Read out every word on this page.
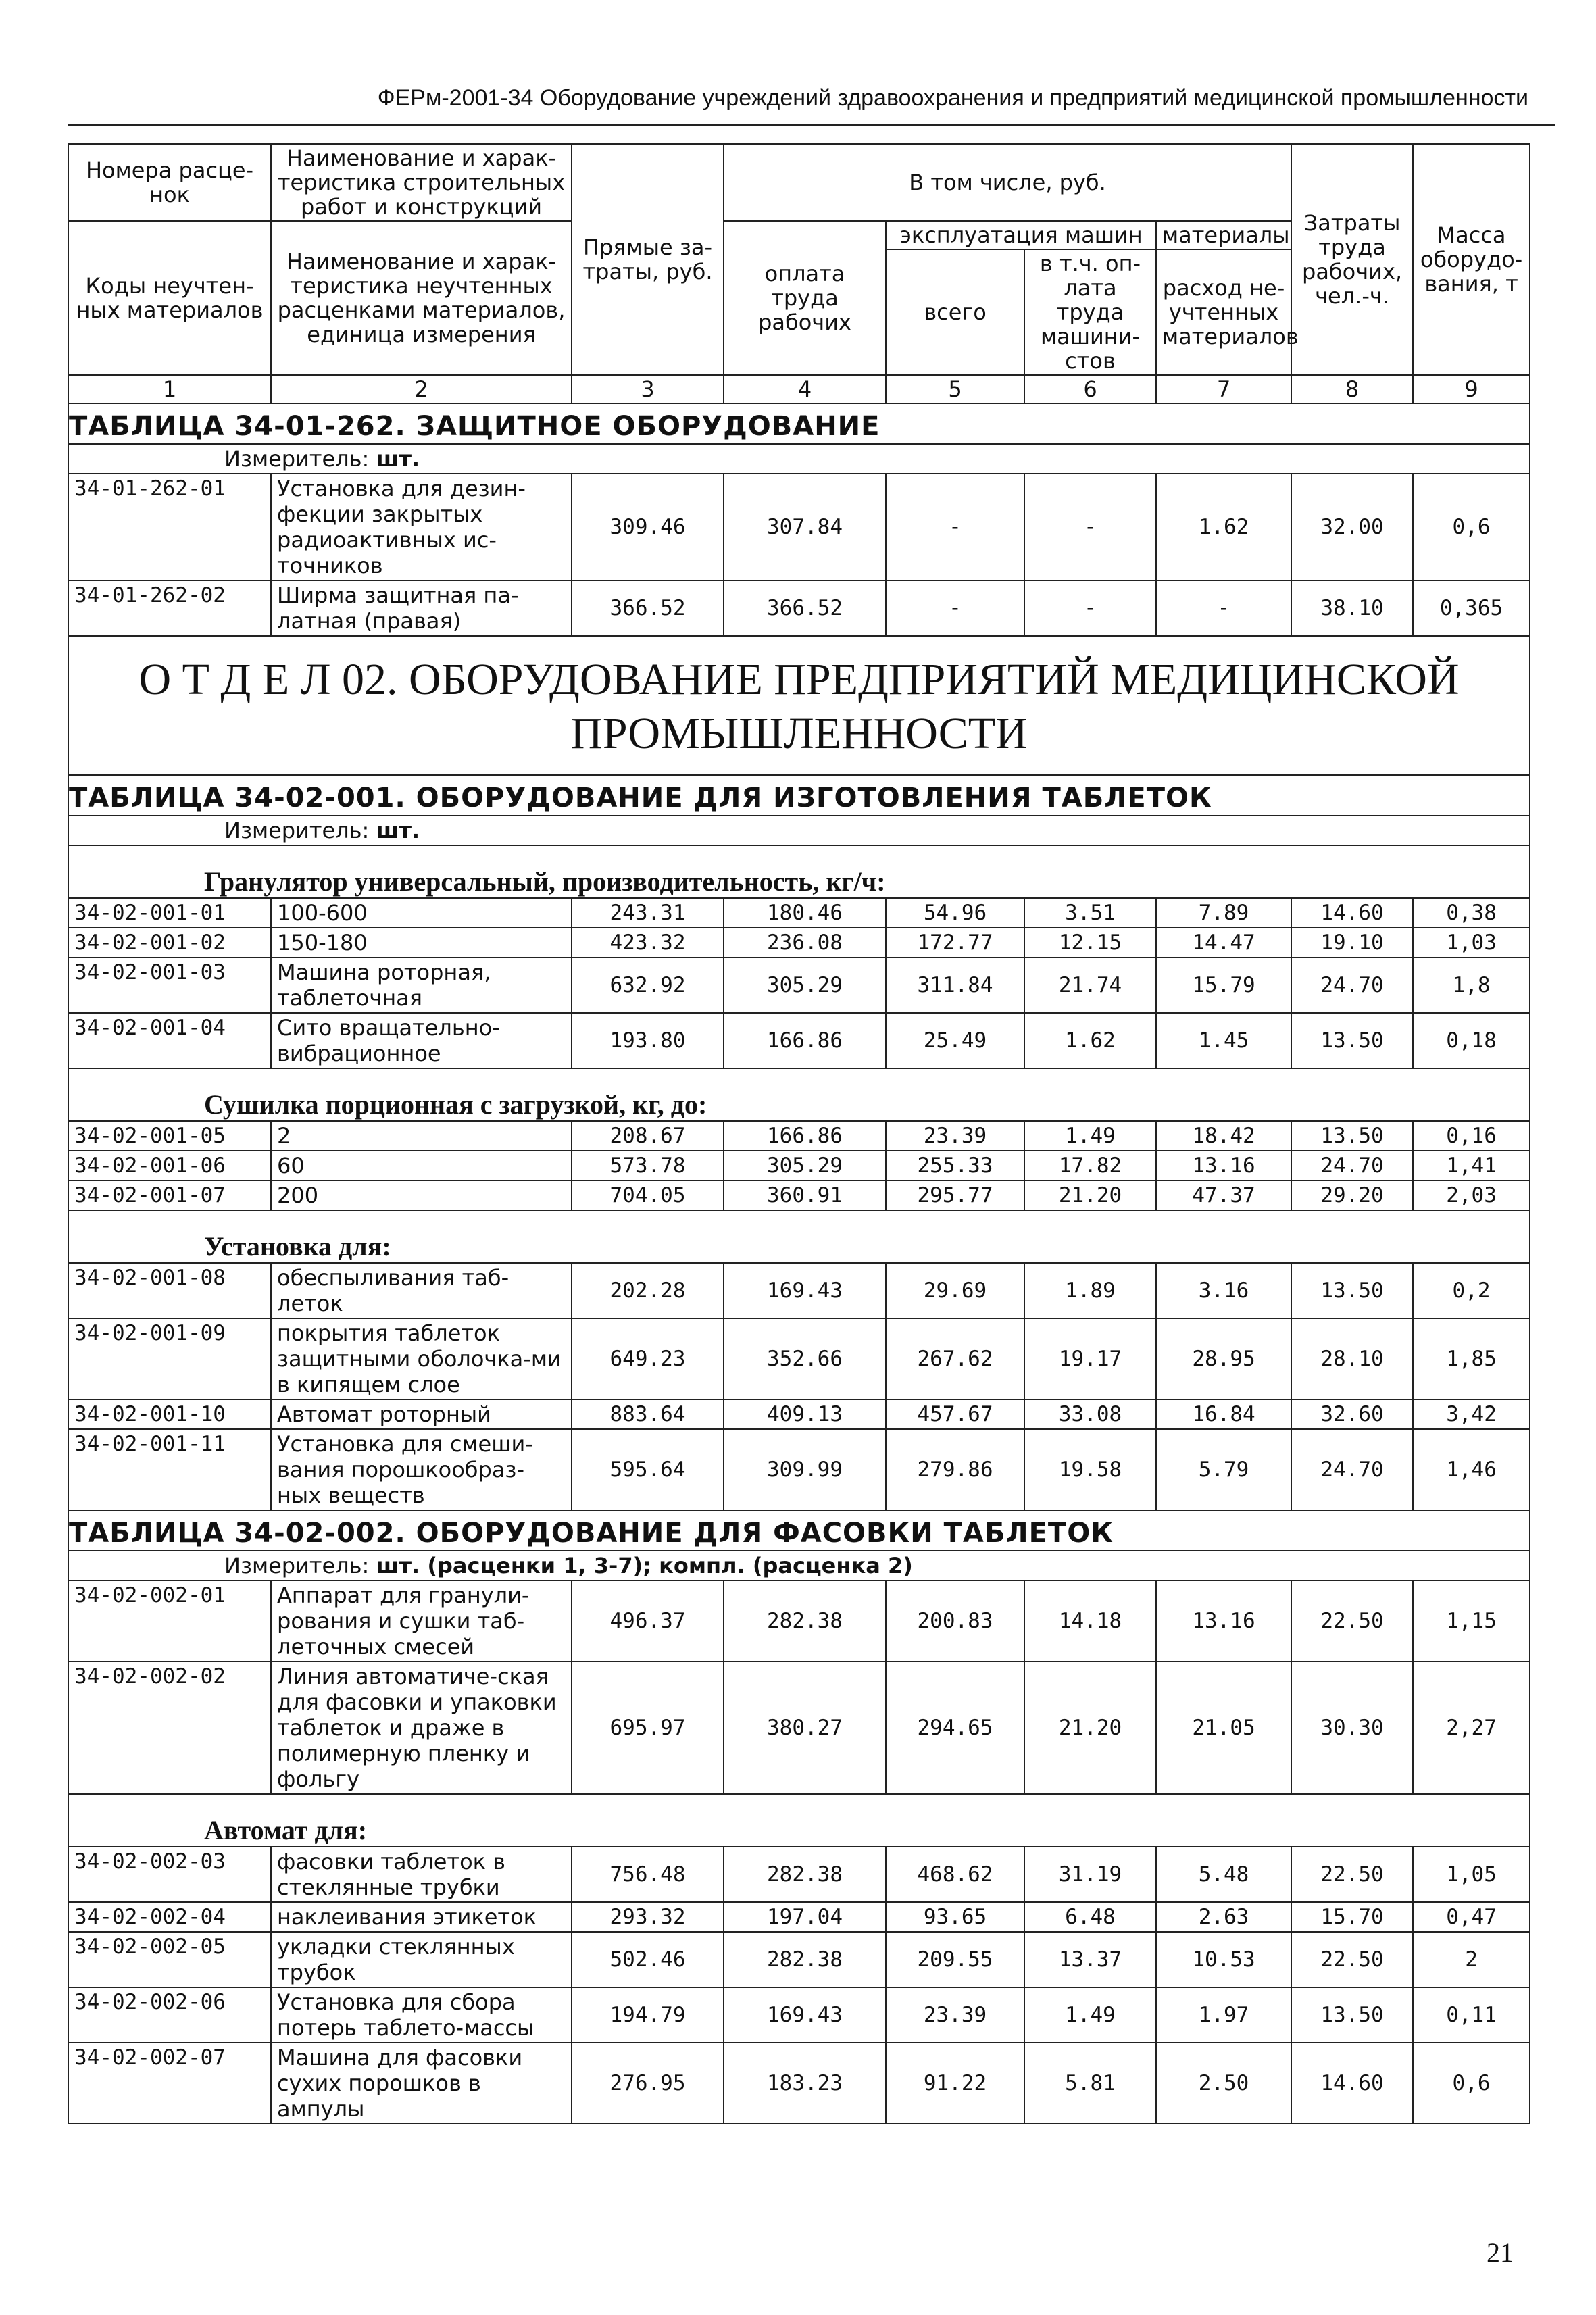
ФЕРм-2001-34 Оборудование учреждений здравоохранения и предприятий медицинской промышленности
Номера расце-нок	Наименование и харак-теристика строительных работ и конструкций	Прямые за-траты, руб.	В том числе, руб.				Затраты труда рабочих, чел.-ч.	Масса оборудо-вания, т
Коды неучтен-ных материалов	Наименование и харак-теристика неучтенных расценками материалов, единица измерения		оплата труда рабочих	эксплуатация машин		материалы		
				всего	в т.ч. оп-лата труда машини-стов	расход не-учтенных материалов		
1	2	3	4	5	6	7	8	9
ТАБЛИЦА 34-01-262. ЗАЩИТНОЕ ОБОРУДОВАНИЕ								
Измеритель: шт.								
34-01-262-01	Установка для дезин-фекции закрытых радиоактивных ис-точников	309.46	307.84	-	-	1.62	32.00	0,6
34-01-262-02	Ширма защитная па-латная (правая)	366.52	366.52	-	-	-	38.10	0,365
О Т Д Е Л 02. ОБОРУДОВАНИЕ ПРЕДПРИЯТИЙ МЕДИЦИНСКОЙ ПРОМЫШЛЕННОСТИ								
ТАБЛИЦА 34-02-001. ОБОРУДОВАНИЕ ДЛЯ ИЗГОТОВЛЕНИЯ ТАБЛЕТОК								
Измеритель: шт.								
Гранулятор универсальный, производительность, кг/ч:								
34-02-001-01	100-600	243.31	180.46	54.96	3.51	7.89	14.60	0,38
34-02-001-02	150-180	423.32	236.08	172.77	12.15	14.47	19.10	1,03
34-02-001-03	Машина роторная, таблеточная	632.92	305.29	311.84	21.74	15.79	24.70	1,8
34-02-001-04	Сито вращательно-вибрационное	193.80	166.86	25.49	1.62	1.45	13.50	0,18
Сушилка порционная с загрузкой, кг, до:								
34-02-001-05	2	208.67	166.86	23.39	1.49	18.42	13.50	0,16
34-02-001-06	60	573.78	305.29	255.33	17.82	13.16	24.70	1,41
34-02-001-07	200	704.05	360.91	295.77	21.20	47.37	29.20	2,03
Установка для:								
34-02-001-08	обеспыливания таб-леток	202.28	169.43	29.69	1.89	3.16	13.50	0,2
34-02-001-09	покрытия таблеток защитными оболочка-ми в кипящем слое	649.23	352.66	267.62	19.17	28.95	28.10	1,85
34-02-001-10	Автомат роторный	883.64	409.13	457.67	33.08	16.84	32.60	3,42
34-02-001-11	Установка для смеши-вания порошкообраз-ных веществ	595.64	309.99	279.86	19.58	5.79	24.70	1,46
ТАБЛИЦА 34-02-002. ОБОРУДОВАНИЕ ДЛЯ ФАСОВКИ ТАБЛЕТОК								
Измеритель: шт. (расценки 1, 3-7); компл. (расценка 2)								
34-02-002-01	Аппарат для гранули-рования и сушки таб-леточных смесей	496.37	282.38	200.83	14.18	13.16	22.50	1,15
34-02-002-02	Линия автоматиче-ская для фасовки и упаковки таблеток и драже в полимерную пленку и фольгу	695.97	380.27	294.65	21.20	21.05	30.30	2,27
Автомат для:								
34-02-002-03	фасовки таблеток в стеклянные трубки	756.48	282.38	468.62	31.19	5.48	22.50	1,05
34-02-002-04	наклеивания этикеток	293.32	197.04	93.65	6.48	2.63	15.70	0,47
34-02-002-05	укладки стеклянных трубок	502.46	282.38	209.55	13.37	10.53	22.50	2
34-02-002-06	Установка для сбора потерь таблето-массы	194.79	169.43	23.39	1.49	1.97	13.50	0,11
34-02-002-07	Машина для фасовки сухих порошков в ампулы	276.95	183.23	91.22	5.81	2.50	14.60	0,6
21
